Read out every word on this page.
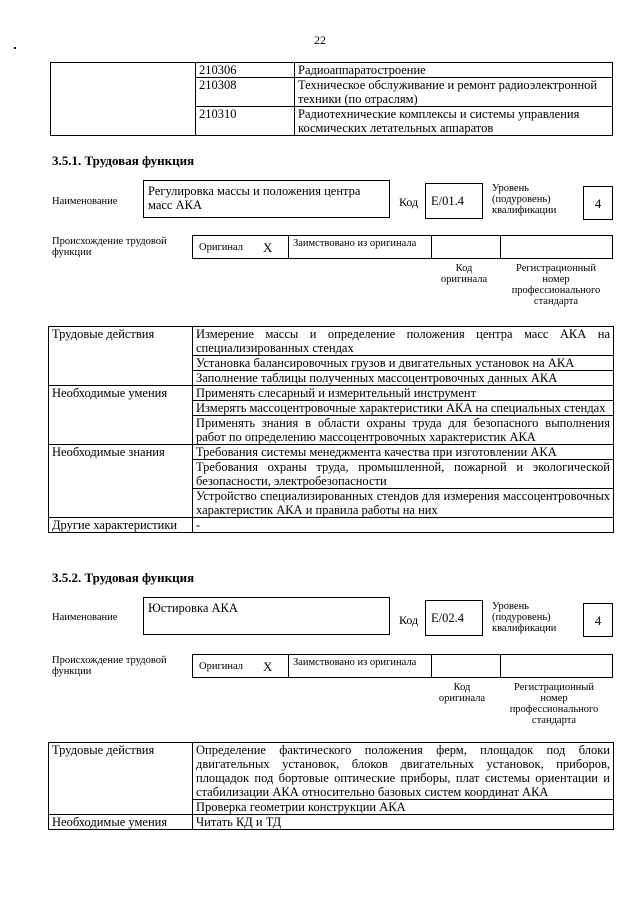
22
	210306	Радиоаппаратостроение
	210308	Техническое обслуживание и ремонт радиоэлектронной техники (по отраслям)
	210310	Радиотехнические комплексы и системы управления космических летательных аппаратов
3.5.1. Трудовая функция
Наименование
Регулировка массы и положения центра масс АКА	Код	E/01.4
Уровень (подуровень) квалификации	4
Происхождение трудовой функции	Оригинал X Заимствовано из оригинала
Код оригинала
Регистрационный номер профессионального стандарта
Трудовые действия	Измерение массы и определение положения центра масс АКА на специализированных стендах
	Установка балансировочных грузов и двигательных установок на АКА
	Заполнение таблицы полученных массоцентровочных данных АКА
Необходимые умения	Применять слесарный и измерительный инструмент
	Измерять массоцентровочные характеристики АКА на специальных стендах
	Применять знания в области охраны труда для безопасного выполнения работ по определению массоцентровочных характеристик АКА
Необходимые знания	Требования системы менеджмента качества при изготовлении АКА
	Требования охраны труда, промышленной, пожарной и экологической безопасности, электробезопасности
	Устройство специализированных стендов для измерения массоцентровочных характеристик АКА и правила работы на них
Другие характеристики	-
3.5.2. Трудовая функция
Наименование
Юстировка АКА
Код	E/02.4
Уровень (подуровень) квалификации
4
Происхождение трудовой функции	Оригинал X Заимствовано из оригинала
Код оригинала
Регистрационный номер профессионального стандарта
Трудовые действия	Определение фактического положения ферм, площадок под блоки двигательных установок, блоков двигательных установок, приборов, площадок под бортовые оптические приборы, плат системы ориентации и стабилизации АКА относительно базовых систем координат АКА
	Проверка геометрии конструкции АКА
Необходимые умения	Читать КД и ТД
